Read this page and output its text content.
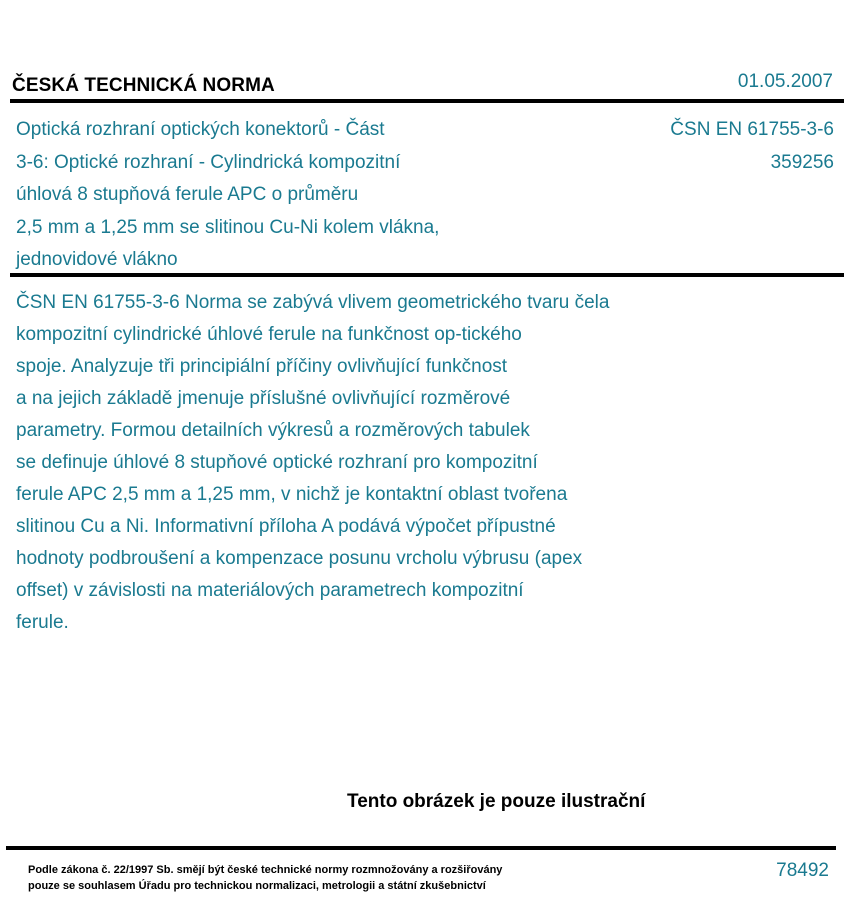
ČESKÁ TECHNICKÁ NORMA	01.05.2007
Optická rozhraní optických konektorů - Část
3-6: Optické rozhraní - Cylindrická kompozitní
úhlová 8 stupňová ferule APC o průměru
2,5 mm a 1,25 mm se slitinou Cu-Ni kolem vlákna,
jednovidové vlákno
ČSN EN 61755-3-6
359256
ČSN EN 61755-3-6 Norma se zabývá vlivem geometrického tvaru čela
kompozitní cylindrické úhlové ferule na funkčnost op-tického
spoje. Analyzuje tři principiální příčiny ovlivňující funkčnost
a na jejich základě jmenuje příslušné ovlivňující rozměrové
parametry. Formou detailních výkresů a rozměrových tabulek
se definuje úhlové 8 stupňové optické rozhraní pro kompozitní
ferule APC 2,5 mm a 1,25 mm, v nichž je kontaktní oblast tvořena
slitinou Cu a Ni. Informativní příloha A podává výpočet přípustné
hodnoty podbroušení a kompenzace posunu vrcholu výbrusu (apex
offset) v závislosti na materiálových parametrech kompozitní
ferule.
Tento obrázek je pouze ilustrační
Podle zákona č. 22/1997 Sb. smějí být české technické normy rozmnožovány a rozšiřovány
pouze se souhlasem Úřadu pro technickou normalizaci, metrologii a státní zkušebnictví
78492
